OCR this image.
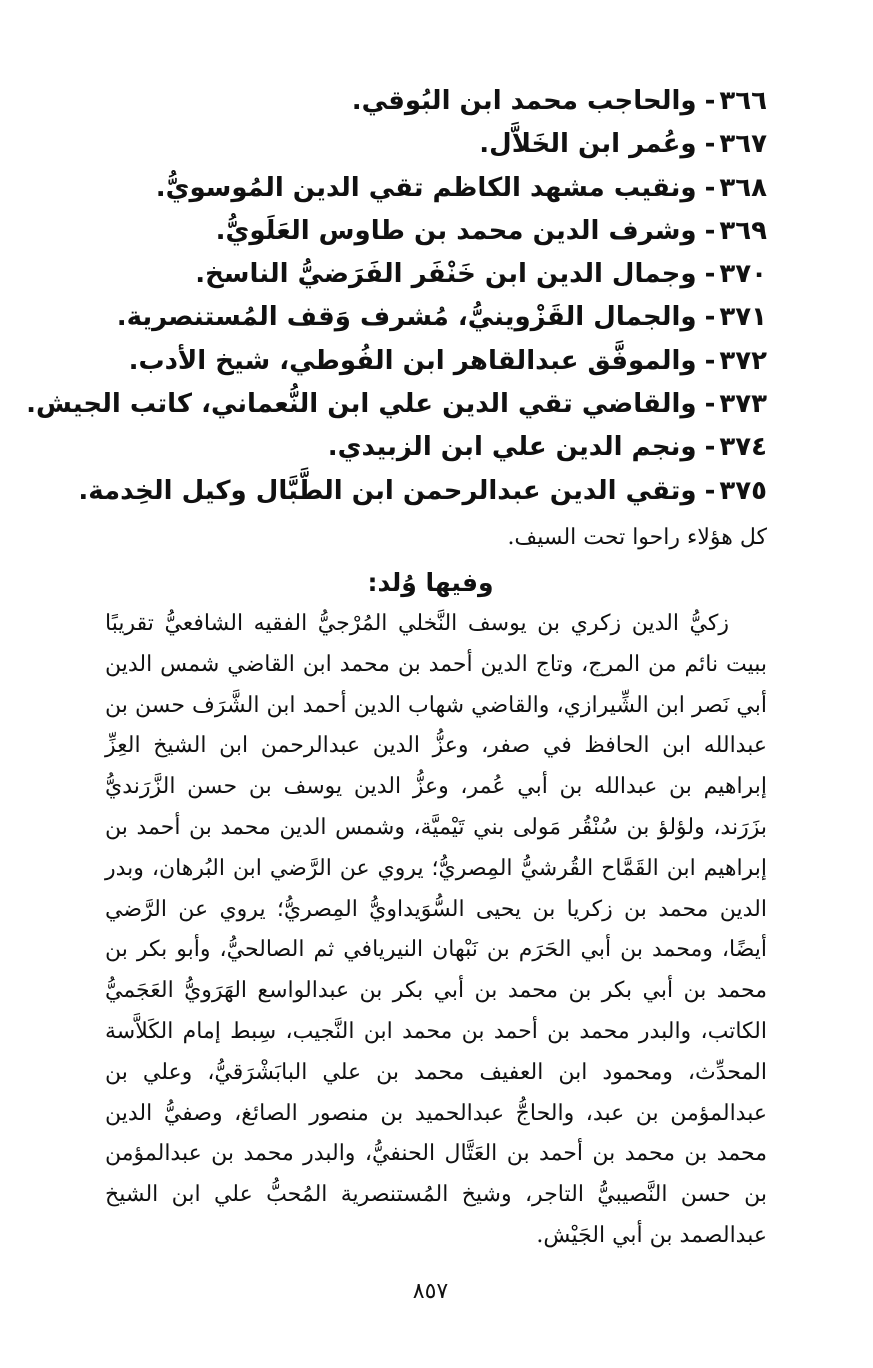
٣٦٦-والحاجب محمد ابن البُوقي.
٣٦٧-وعُمر ابن الخَلاَّل.
٣٦٨-ونقيب مشهد الكاظم تقي الدين المُوسويُّ.
٣٦٩-وشرف الدين محمد بن طاوس العَلَويُّ.
٣٧٠-وجمال الدين ابن خَنْفَر الفَرَضيُّ الناسخ.
٣٧١-والجمال القَزْوينيُّ، مُشرف وَقف المُستنصرية.
٣٧٢-والموفَّق عبدالقاهر ابن الفُوطي، شيخ الأدب.
٣٧٣-والقاضي تقي الدين علي ابن النُّعماني، كاتب الجيش.
٣٧٤-ونجم الدين علي ابن الزبيدي.
٣٧٥-وتقي الدين عبدالرحمن ابن الطَّبَّال وكيل الخِدمة.
كل هؤلاء راحوا تحت السيف.
وفيها وُلد:

زكيُّ الدين زكري بن يوسف النَّخلي المُرْجيُّ الفقيه الشافعيُّ تقريبًا ببيت نائم من المرج، وتاج الدين أحمد بن محمد ابن القاضي شمس الدين أبي نَصر ابن الشِّيرازي، والقاضي شهاب الدين أحمد ابن الشَّرَف حسن بن عبدالله ابن الحافظ في صفر، وعزُّ الدين عبدالرحمن ابن الشيخ العِزِّ إبراهيم بن عبدالله بن أبي عُمر، وعزُّ الدين يوسف بن حسن الزَّرَنديُّ بزَرَند، ولؤلؤ بن سُنْقُر مَولى بني تَيْميَّة، وشمس الدين محمد بن أحمد بن إبراهيم ابن القَمَّاح القُرشيُّ المِصريُّ؛ يروي عن الرَّضي ابن البُرهان، وبدر الدين محمد بن زكريا بن يحيى السُّوَيداويُّ المِصريُّ؛ يروي عن الرَّضي أيضًا، ومحمد بن أبي الحَرَم بن نَبْهان النيريافي ثم الصالحيُّ، وأبو بكر بن محمد بن أبي بكر بن محمد بن أبي بكر بن عبدالواسع الهَرَويُّ العَجَميُّ الكاتب، والبدر محمد بن أحمد بن محمد ابن النَّجيب، سِبط إمام الكَلاَّسة المحدِّث، ومحمود ابن العفيف محمد بن علي البابَشْرَقيُّ، وعلي بن عبدالمؤمن بن عبد، والحاجُّ عبدالحميد بن منصور الصائغ، وصفيُّ الدين محمد بن محمد بن أحمد بن العَتَّال الحنفيُّ، والبدر محمد بن عبدالمؤمن بن حسن النَّصيبيُّ التاجر، وشيخ المُستنصرية المُحبُّ علي ابن الشيخ عبدالصمد بن أبي الجَيْش.

٨٥٧
